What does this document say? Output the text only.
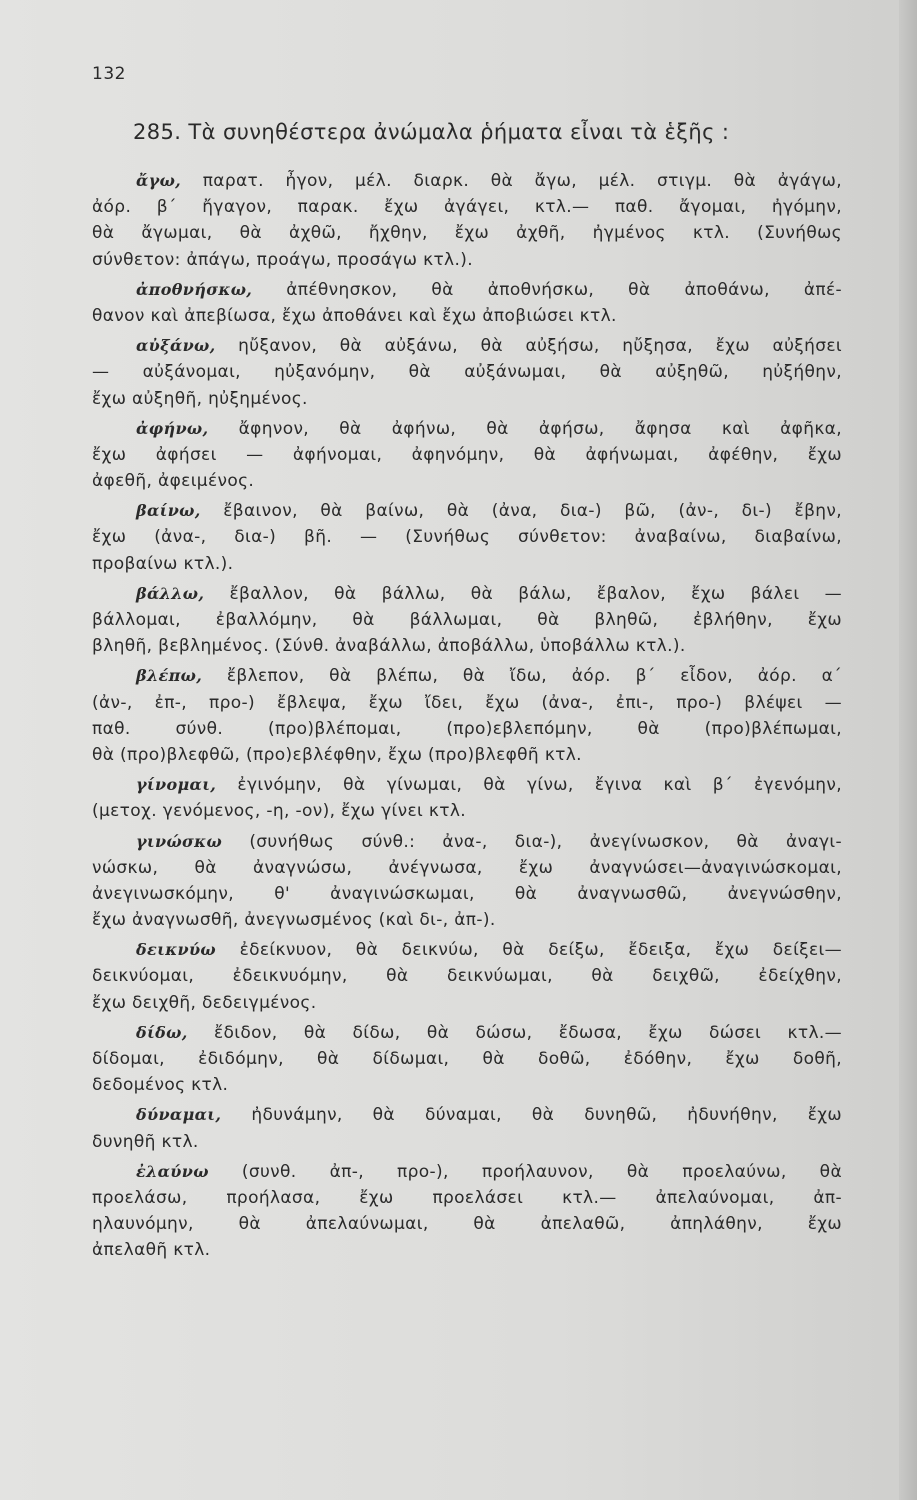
132
285. Τὰ συνηθέστερα ἀνώμαλα ῥήματα εἶναι τὰ ἑξῆς :
ἄγω, παρατ. ἦγον, μέλ. διαρκ. θὰ ἄγω, μέλ. στιγμ. θὰ ἀγάγω,
ἀόρ. β΄ ἤγαγον, παρακ. ἔχω ἀγάγει, κτλ.— παθ. ἄγομαι, ἠγόμην,
θὰ ἄγωμαι, θὰ ἀχθῶ, ἤχθην, ἔχω ἀχθῆ, ἠγμένος κτλ. (Συνήθως
σύνθετον: ἀπάγω, προάγω, προσάγω κτλ.).
ἀποθνήσκω, ἀπέθνησκον, θὰ ἀποθνήσκω, θὰ ἀποθάνω, ἀπέ-
θανον καὶ ἀπεβίωσα, ἔχω ἀποθάνει καὶ ἔχω ἀποβιώσει κτλ.
αὐξάνω, ηὔξανον, θὰ αὐξάνω, θὰ αὐξήσω, ηὔξησα, ἔχω αὐξήσει
— αὐξάνομαι, ηὐξανόμην, θὰ αὐξάνωμαι, θὰ αὐξηθῶ, ηὐξήθην,
ἔχω αὐξηθῆ, ηὐξημένος.
ἀφήνω, ἄφηνον, θὰ ἀφήνω, θὰ ἀφήσω, ἄφησα καὶ ἀφῆκα,
ἔχω ἀφήσει — ἀφήνομαι, ἀφηνόμην, θὰ ἀφήνωμαι, ἀφέθην, ἔχω
ἀφεθῆ, ἀφειμένος.
βαίνω, ἔβαινον, θὰ βαίνω, θὰ (ἀνα, δια-) βῶ, (ἀν-, δι-) ἔβην,
ἔχω (ἀνα-, δια-) βῆ. — (Συνήθως σύνθετον: ἀναβαίνω, διαβαίνω,
προβαίνω κτλ.).
βάλλω, ἔβαλλον, θὰ βάλλω, θὰ βάλω, ἔβαλον, ἔχω βάλει —
βάλλομαι, ἐβαλλόμην, θὰ βάλλωμαι, θὰ βληθῶ, ἐβλήθην, ἔχω
βληθῆ, βεβλημένος. (Σύνθ. ἀναβάλλω, ἀποβάλλω, ὑποβάλλω κτλ.).
βλέπω, ἔβλεπον, θὰ βλέπω, θὰ ἴδω, ἀόρ. β΄ εἶδον, ἀόρ. α΄
(ἀν-, ἐπ-, προ-) ἔβλεψα, ἔχω ἴδει, ἔχω (ἀνα-, ἐπι-, προ-) βλέψει —
παθ. σύνθ. (προ)βλέπομαι, (προ)εβλεπόμην, θὰ (προ)βλέπωμαι,
θὰ (προ)βλεφθῶ, (προ)εβλέφθην, ἔχω (προ)βλεφθῆ κτλ.
γίνομαι, ἐγινόμην, θὰ γίνωμαι, θὰ γίνω, ἔγινα καὶ β΄ ἐγενόμην,
(μετοχ. γενόμενος, -η, -ον), ἔχω γίνει κτλ.
γινώσκω (συνήθως σύνθ.: ἀνα-, δια-), ἀνεγίνωσκον, θὰ ἀναγι-
νώσκω, θὰ ἀναγνώσω, ἀνέγνωσα, ἔχω ἀναγνώσει—ἀναγινώσκομαι,
ἀνεγινωσκόμην, θ' ἀναγινώσκωμαι, θὰ ἀναγνωσθῶ, ἀνεγνώσθην,
ἔχω ἀναγνωσθῆ, ἀνεγνωσμένος (καὶ δι-, ἀπ-).
δεικνύω ἐδείκνυον, θὰ δεικνύω, θὰ δείξω, ἔδειξα, ἔχω δείξει—
δεικνύομαι, ἐδεικνυόμην, θὰ δεικνύωμαι, θὰ δειχθῶ, ἐδείχθην,
ἔχω δειχθῆ, δεδειγμένος.
δίδω, ἔδιδον, θὰ δίδω, θὰ δώσω, ἔδωσα, ἔχω δώσει κτλ.—
δίδομαι, ἐδιδόμην, θὰ δίδωμαι, θὰ δοθῶ, ἐδόθην, ἔχω δοθῆ,
δεδομένος κτλ.
δύναμαι, ἠδυνάμην, θὰ δύναμαι, θὰ δυνηθῶ, ἠδυνήθην, ἔχω
δυνηθῆ κτλ.
ἐλαύνω (συνθ. ἀπ-, προ-), προήλαυνον, θὰ προελαύνω, θὰ
προελάσω, προήλασα, ἔχω προελάσει κτλ.— ἀπελαύνομαι, ἀπ-
ηλαυνόμην, θὰ ἀπελαύνωμαι, θὰ ἀπελαθῶ, ἀπηλάθην, ἔχω
ἀπελαθῆ κτλ.
